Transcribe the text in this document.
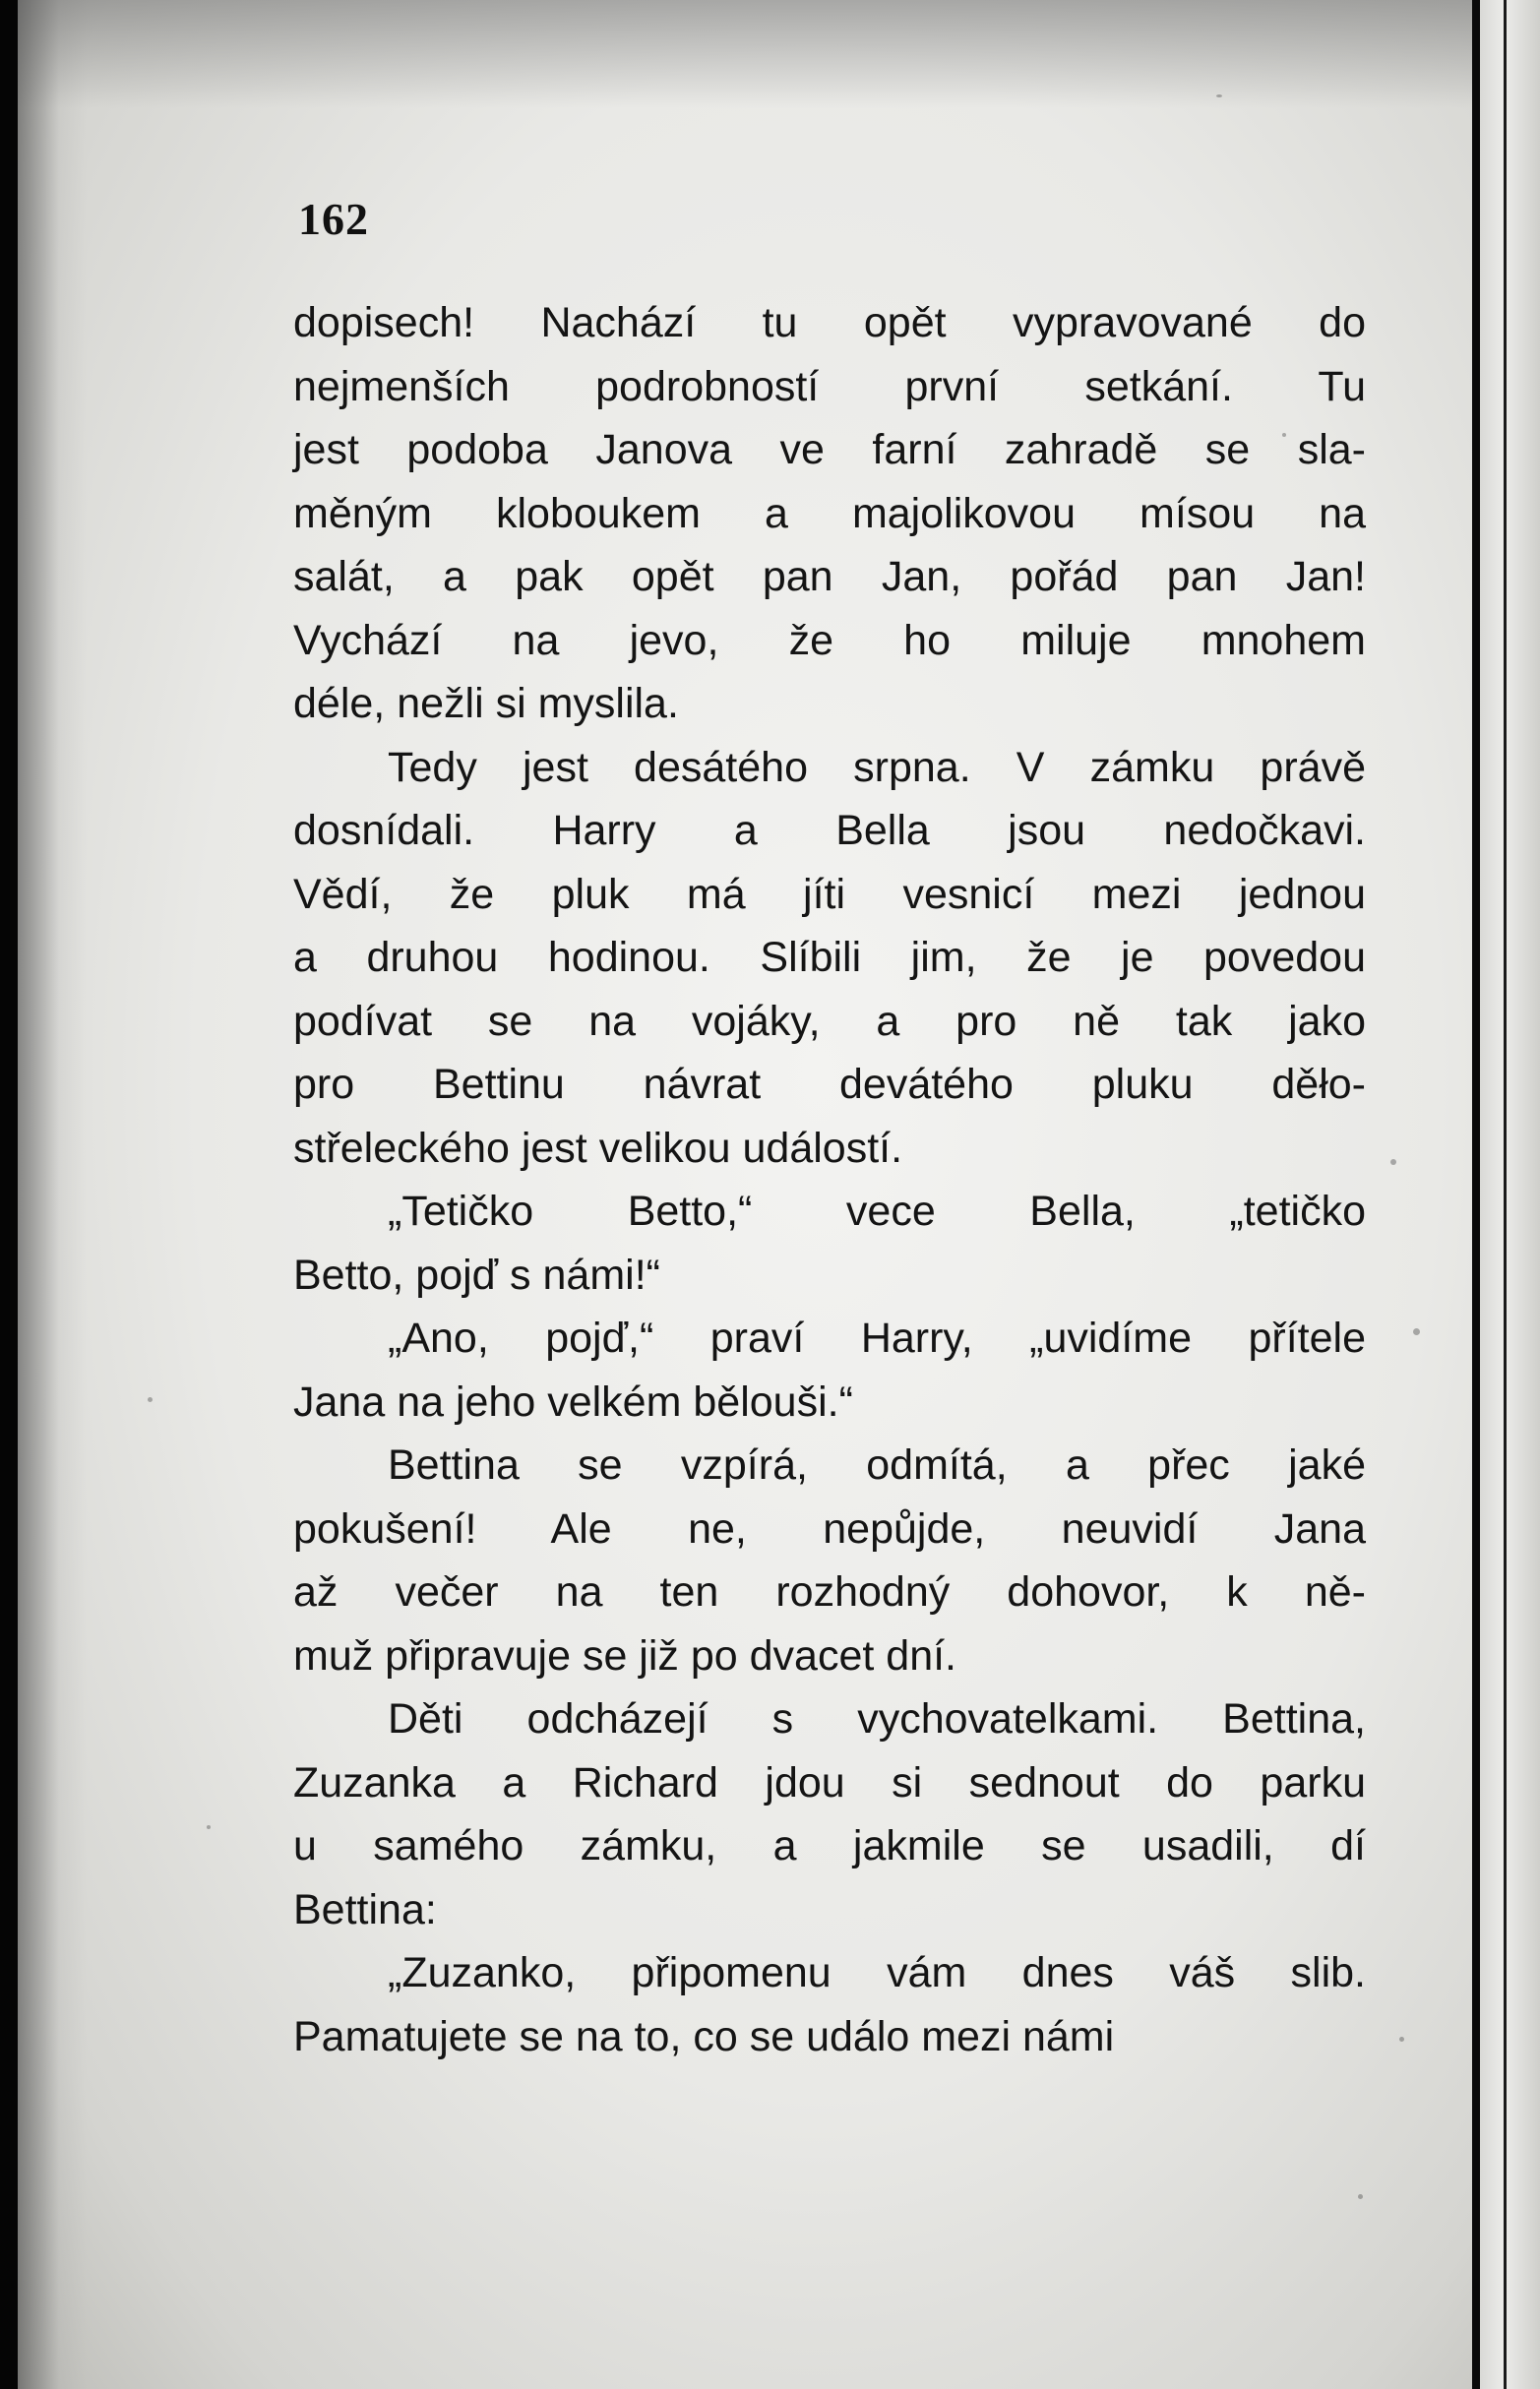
162
dopisech! Nachází tu opět vypravované do
nejmenších podrobností první setkání. Tu
jest podoba Janova ve farní zahradě se sla-
měným kloboukem a majolikovou mísou na
salát, a pak opět pan Jan, pořád pan Jan!
Vychází na jevo, že ho miluje mnohem
déle, nežli si myslila.
Tedy jest desátého srpna. V zámku právě
dosnídali. Harry a Bella jsou nedočkavi.
Vědí, že pluk má jíti vesnicí mezi jednou
a druhou hodinou. Slíbili jim, že je povedou
podívat se na vojáky, a pro ně tak jako
pro Bettinu návrat devátého pluku děło-
střeleckého jest velikou událostí.
„Tetičko Betto,“ vece Bella, „tetičko
Betto, pojď s námi!“
„Ano, pojď,“ praví Harry, „uvidíme přítele
Jana na jeho velkém bělouši.“
Bettina se vzpírá, odmítá, a přec jaké
pokušení! Ale ne, nepůjde, neuvidí Jana
až večer na ten rozhodný dohovor, k ně-
muž připravuje se již po dvacet dní.
Děti odcházejí s vychovatelkami. Bettina,
Zuzanka a Richard jdou si sednout do parku
u samého zámku, a jakmile se usadili, dí
Bettina:
„Zuzanko, připomenu vám dnes váš slib.
Pamatujete se na to, co se událo mezi námi
